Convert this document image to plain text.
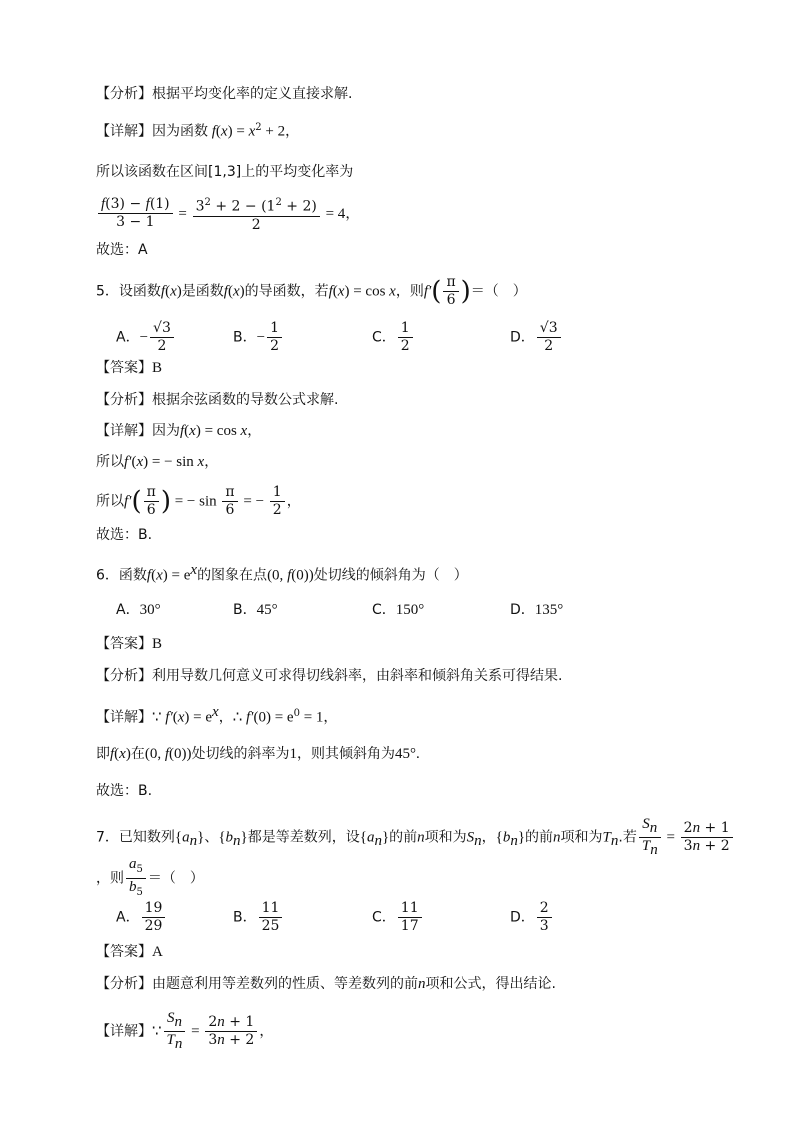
【分析】根据平均变化率的定义直接求解.
【详解】因为函数 $f(x) = x^2 + 2$，
所以该函数在区间[1,3]上的平均变化率为
$\frac{f(3) - f(1)}{3 - 1} = \frac{3^2 + 2 - (1^2 + 2)}{2} = 4$，
故选：A
5．设函数f(x)是函数f(x)的导函数，若f(x) = cos x，则$f'( \frac{\pi}{6}$ )＝（　）
A．− $\frac{√3}{2}$	B．− $\frac{1}{2}$	C． $\frac{1}{2}$	D． $\frac{√3}{2}$
【答案】B
【分析】根据余弦函数的导数公式求解.
【详解】因为f(x) = cos x，
所以f′(x) = − sin x，
所以$f'( \frac{\pi}{6}$ ) = − $\sin \frac{\pi}{6}$ = − $\frac{1}{2}$ ，
故选：B.
6．函数$f(x) = e^x$的图象在点(0, f(0))处切线的倾斜角为（　）
A．30°	B．45°	C．150°	D．135°
【答案】B
【分析】利用导数几何意义可求得切线斜率，由斜率和倾斜角关系可得结果.
【详解】∵ $f'(x) = e^x$，∴ $f'(0) = e^0 = 1$，
即f(x)在(0, f(0))处切线的斜率为1，则其倾斜角为45°.
故选：B.
7．已知数列$\{a_n\}$、$\{b_n\}$都是等差数列，设$\{a_n\}$的前n项和为$S_n$，$\{b_n\}$的前n项和为$T_n$.若 $\frac{S_n}{T_n} = \frac{2n + 1}{3n + 2}$
，则 $\frac{a_5}{b_5}$ ＝（　）
A． $\frac{19}{29}$	B． $\frac{11}{25}$	C． $\frac{11}{17}$	D． $\frac{2}{3}$
【答案】A
【分析】由题意利用等差数列的性质、等差数列的前n项和公式，得出结论.
【详解】∵ $\frac{S_n}{T_n} = \frac{2n + 1}{3n + 2}$ ，
